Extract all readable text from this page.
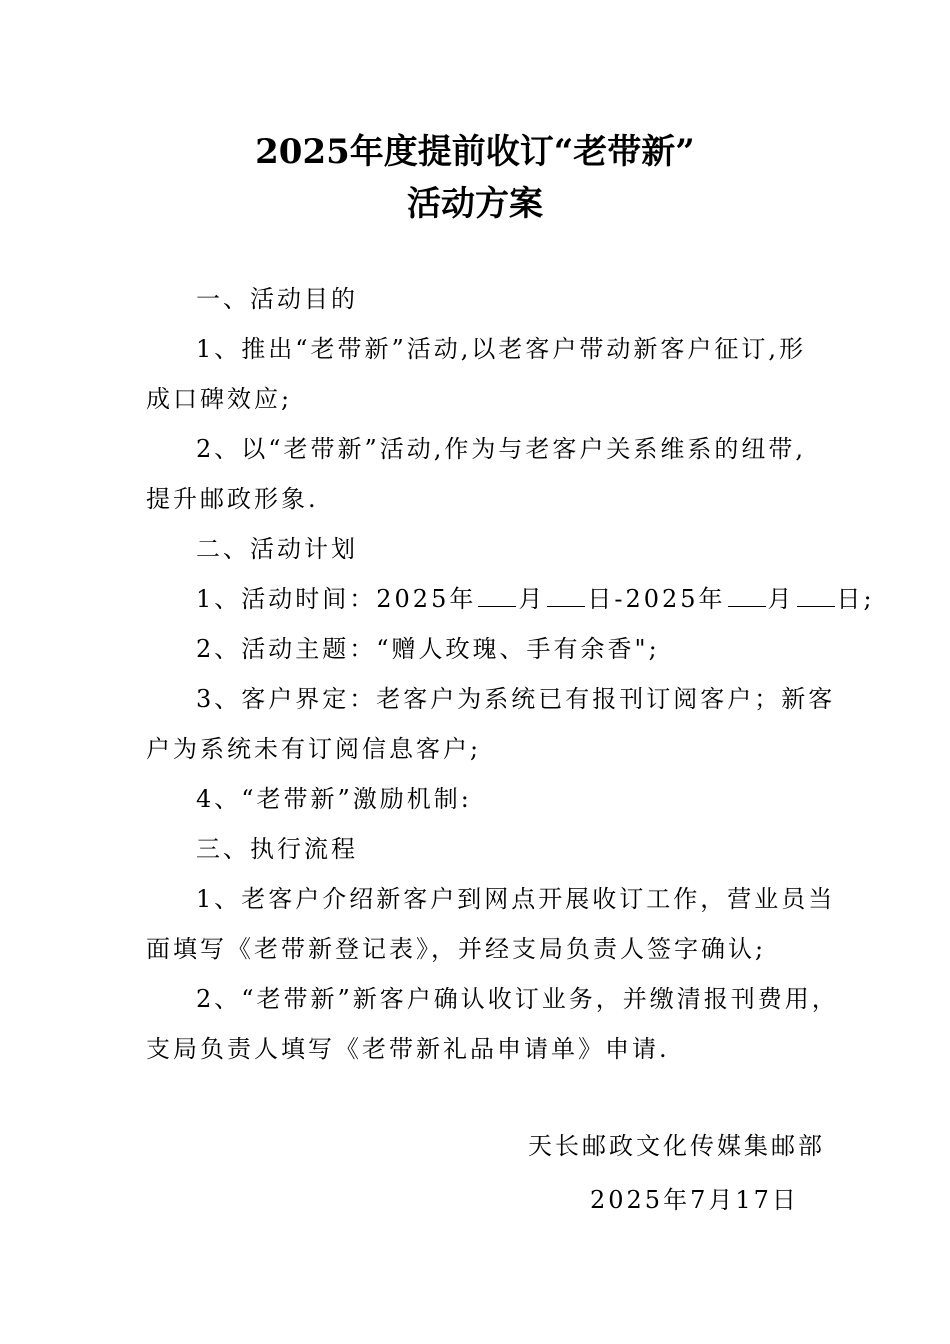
2025年度提前收订“老带新”
活动方案
一、活动目的
1、推出“老带新”活动,以老客户带动新客户征订,形
成口碑效应;
2、以“老带新”活动,作为与老客户关系维系的纽带,
提升邮政形象.
二、活动计划
1、活动时间：2025年 月 日-2025年 月 日;
2、活动主题：“赠人玫瑰、手有余香";
3、客户界定：老客户为系统已有报刊订阅客户；新客
户为系统未有订阅信息客户;
4、“老带新”激励机制:
三、执行流程
1、老客户介绍新客户到网点开展收订工作，营业员当
面填写《老带新登记表》，并经支局负责人签字确认;
2、“老带新”新客户确认收订业务，并缴清报刊费用，
支局负责人填写《老带新礼品申请单》申请.
天长邮政文化传媒集邮部
2025年7月17日
